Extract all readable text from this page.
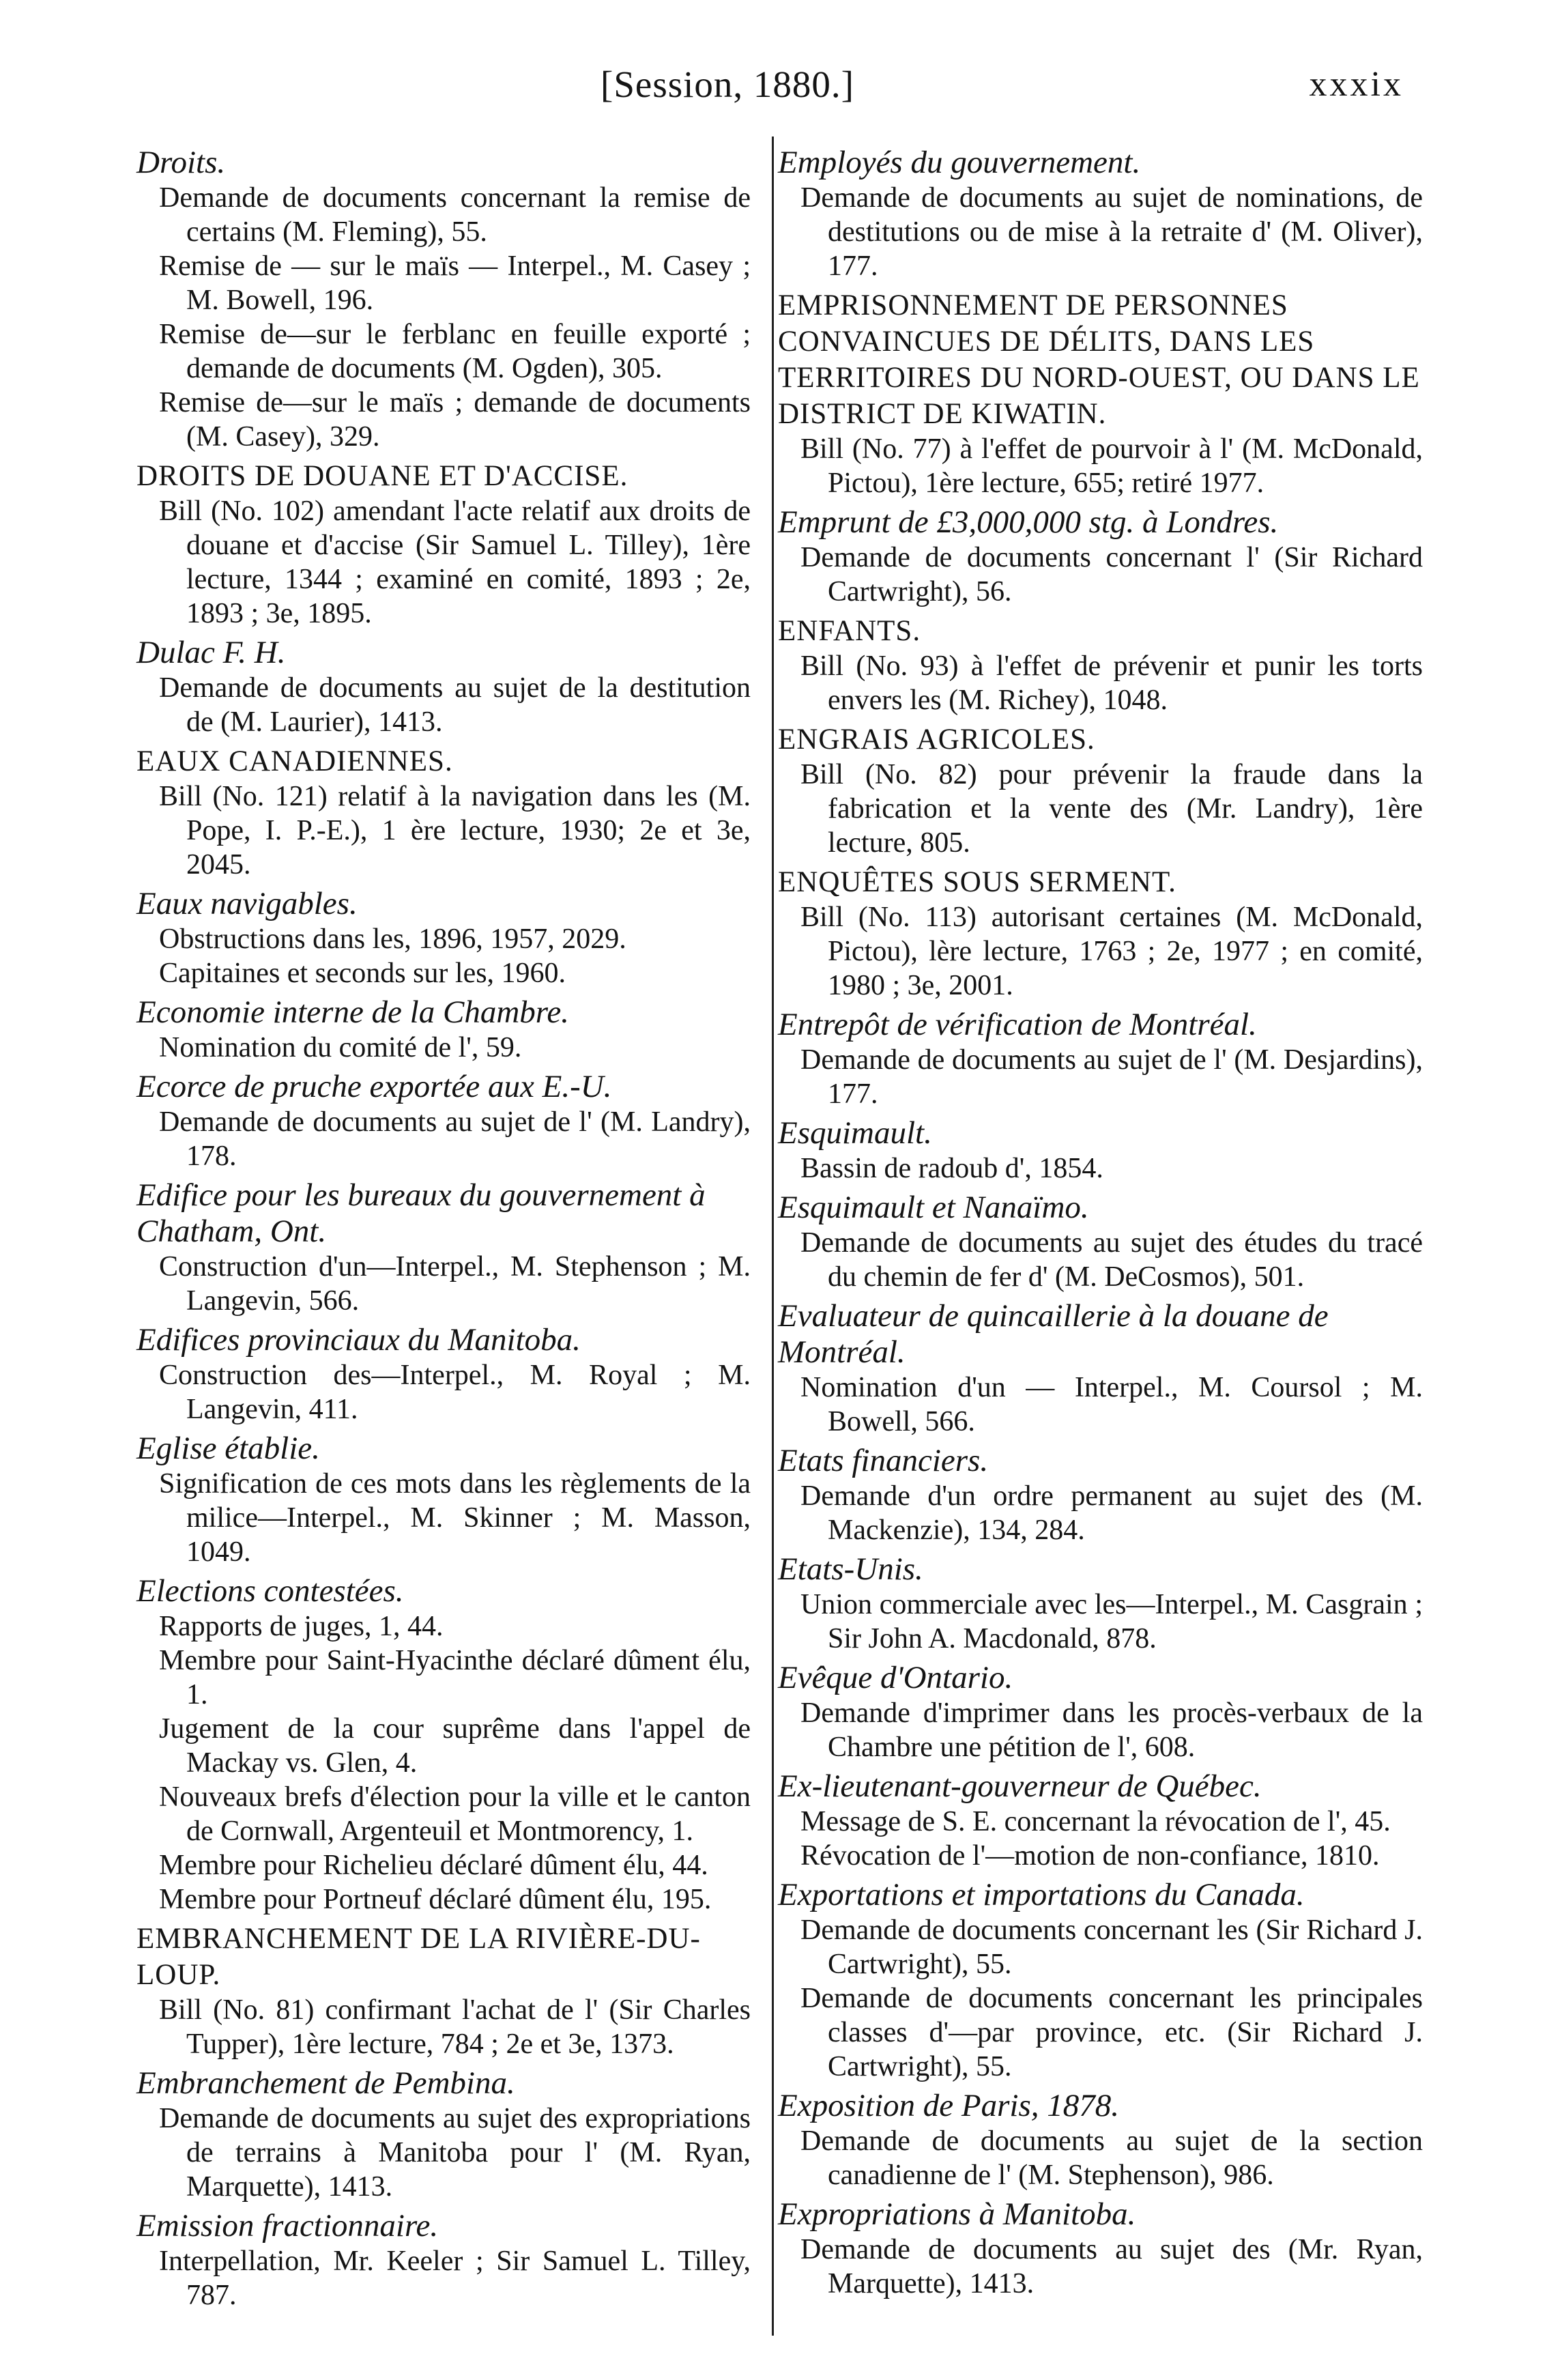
[Session, 1880.]	xxxix

Droits.

Demande de documents concernant la remise de certains (M. Fleming), 55.

Remise de — sur le maïs — Interpel., M. Casey ; M. Bowell, 196.

Remise de—sur le ferblanc en feuille exporté ; demande de documents (M. Ogden), 305.

Remise de—sur le maïs ; demande de documents (M. Casey), 329.

DROITS DE DOUANE ET D'ACCISE.

Bill (No. 102) amendant l'acte relatif aux droits de douane et d'accise (Sir Samuel L. Tilley), 1ère lecture, 1344 ; examiné en comité, 1893 ; 2e, 1893 ; 3e, 1895.

Dulac F. H.

Demande de documents au sujet de la destitution de (M. Laurier), 1413.

EAUX CANADIENNES.

Bill (No. 121) relatif à la navigation dans les (M. Pope, I. P.-E.), 1 ère lecture, 1930; 2e et 3e, 2045.

Eaux navigables.

Obstructions dans les, 1896, 1957, 2029.

Capitaines et seconds sur les, 1960.

Economie interne de la Chambre.

Nomination du comité de l', 59.

Ecorce de pruche exportée aux E.-U.

Demande de documents au sujet de l' (M. Landry), 178.

Edifice pour les bureaux du gouvernement à Chatham, Ont.

Construction d'un—Interpel., M. Stephenson ; M. Langevin, 566.

Edifices provinciaux du Manitoba.

Construction des—Interpel., M. Royal ; M. Langevin, 411.

Eglise établie.

Signification de ces mots dans les règlements de la milice—Interpel., M. Skinner ; M. Masson, 1049.

Elections contestées.

Rapports de juges, 1, 44.

Membre pour Saint-Hyacinthe déclaré dûment élu, 1.

Jugement de la cour suprême dans l'appel de Mackay vs. Glen, 4.

Nouveaux brefs d'élection pour la ville et le canton de Cornwall, Argenteuil et Montmorency, 1.

Membre pour Richelieu déclaré dûment élu, 44.

Membre pour Portneuf déclaré dûment élu, 195.

EMBRANCHEMENT DE LA RIVIÈRE-DU-LOUP.

Bill (No. 81) confirmant l'achat de l' (Sir Charles Tupper), 1ère lecture, 784 ; 2e et 3e, 1373.

Embranchement de Pembina.

Demande de documents au sujet des expropriations de terrains à Manitoba pour l' (M. Ryan, Marquette), 1413.

Emission fractionnaire.

Interpellation, Mr. Keeler ; Sir Samuel L. Tilley, 787.

Employés du gouvernement.

Demande de documents au sujet de nominations, de destitutions ou de mise à la retraite d' (M. Oliver), 177.

EMPRISONNEMENT DE PERSONNES CONVAINCUES DE DÉLITS, DANS LES TERRITOIRES DU NORD-OUEST, OU DANS LE DISTRICT DE KIWATIN.

Bill (No. 77) à l'effet de pourvoir à l' (M. McDonald, Pictou), 1ère lecture, 655; retiré 1977.

Emprunt de £3,000,000 stg. à Londres.

Demande de documents concernant l' (Sir Richard Cartwright), 56.

ENFANTS.

Bill (No. 93) à l'effet de prévenir et punir les torts envers les (M. Richey), 1048.

ENGRAIS AGRICOLES.

Bill (No. 82) pour prévenir la fraude dans la fabrication et la vente des (Mr. Landry), 1ère lecture, 805.

ENQUÊTES SOUS SERMENT.

Bill (No. 113) autorisant certaines (M. McDonald, Pictou), lère lecture, 1763 ; 2e, 1977 ; en comité, 1980 ; 3e, 2001.

Entrepôt de vérification de Montréal.

Demande de documents au sujet de l' (M. Desjardins), 177.

Esquimault.

Bassin de radoub d', 1854.

Esquimault et Nanaïmo.

Demande de documents au sujet des études du tracé du chemin de fer d' (M. DeCosmos), 501.

Evaluateur de quincaillerie à la douane de Montréal.

Nomination d'un — Interpel., M. Coursol ; M. Bowell, 566.

Etats financiers.

Demande d'un ordre permanent au sujet des (M. Mackenzie), 134, 284.

Etats-Unis.

Union commerciale avec les—Interpel., M. Casgrain ; Sir John A. Macdonald, 878.

Evêque d'Ontario.

Demande d'imprimer dans les procès-verbaux de la Chambre une pétition de l', 608.

Ex-lieutenant-gouverneur de Québec.

Message de S. E. concernant la révocation de l', 45.

Révocation de l'—motion de non-confiance, 1810.

Exportations et importations du Canada.

Demande de documents concernant les (Sir Richard J. Cartwright), 55.

Demande de documents concernant les principales classes d'—par province, etc. (Sir Richard J. Cartwright), 55.

Exposition de Paris, 1878.

Demande de documents au sujet de la section canadienne de l' (M. Stephenson), 986.

Expropriations à Manitoba.

Demande de documents au sujet des (Mr. Ryan, Marquette), 1413.
